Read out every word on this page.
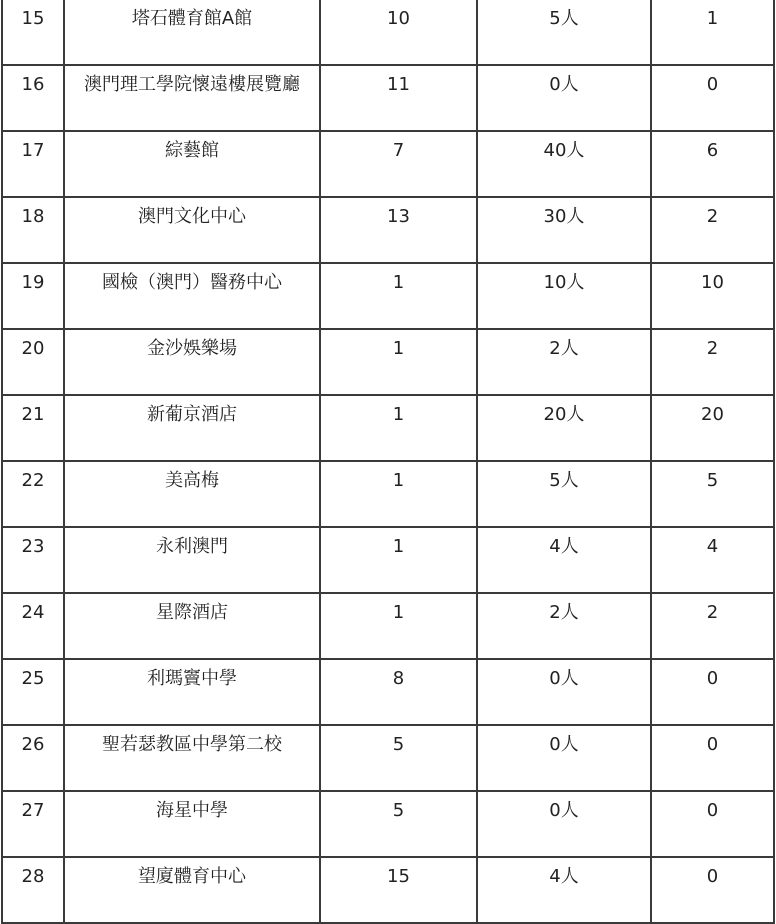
15	塔石體育館A館	10	5人	1
16	澳門理工學院懷遠樓展覽廳	11	0人	0
17	綜藝館	7	40人	6
18	澳門文化中心	13	30人	2
19	國檢（澳門）醫務中心	1	10人	10
20	金沙娛樂場	1	2人	2
21	新葡京酒店	1	20人	20
22	美高梅	1	5人	5
23	永利澳門	1	4人	4
24	星際酒店	1	2人	2
25	利瑪竇中學	8	0人	0
26	聖若瑟教區中學第二校	5	0人	0
27	海星中學	5	0人	0
28	望廈體育中心	15	4人	0
